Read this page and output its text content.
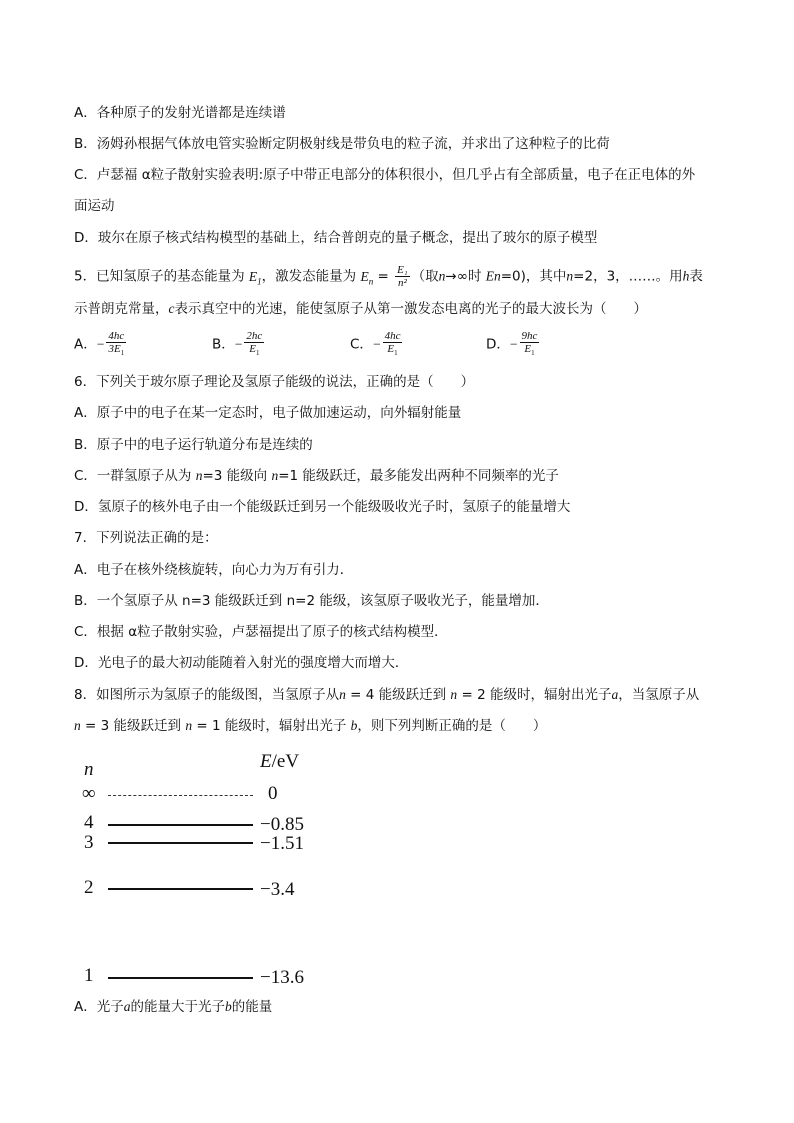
A．各种原子的发射光谱都是连续谱
B．汤姆孙根据气体放电管实验断定阴极射线是带负电的粒子流，并求出了这种粒子的比荷
C．卢瑟福 α粒子散射实验表明:原子中带正电部分的体积很小，但几乎占有全部质量，电子在正电体的外
面运动
D．玻尔在原子核式结构模型的基础上，结合普朗克的量子概念，提出了玻尔的原子模型
5．已知氢原子的基态能量为 $E_1$，激发态能量为 $E_n = \frac{\text{E₁}}{\text{n²}}$ （取n→∞时 En=0)，其中n=2，3，……。用h表
示普朗克常量，c表示真空中的光速，能使氢原子从第一激发态电离的光子的最大波长为（　　）
A．− $\frac{4hc}{3E_1}$	B．− $\frac{2hc}{E_1}$	C．− $\frac{4hc}{E_1}$	D．− $\frac{9hc}{E_1}$
6．下列关于玻尔原子理论及氢原子能级的说法，正确的是（　　）
A．原子中的电子在某一定态时，电子做加速运动，向外辐射能量
B．原子中的电子运行轨道分布是连续的
C．一群氢原子从为 n=3 能级向 n=1 能级跃迁，最多能发出两种不同频率的光子
D．氢原子的核外电子由一个能级跃迁到另一个能级吸收光子时，氢原子的能量增大
7．下列说法正确的是：
A．电子在核外绕核旋转，向心力为万有引力．
B．一个氢原子从 n=3 能级跃迁到 n=2 能级，该氢原子吸收光子，能量增加．
C．根据 α粒子散射实验，卢瑟福提出了原子的核式结构模型．
D．光电子的最大初动能随着入射光的强度增大而增大．
8．如图所示为氢原子的能级图，当氢原子从n = 4 能级跃迁到 n = 2 能级时，辐射出光子a，当氢原子从
n = 3 能级跃迁到 n = 1 能级时，辐射出光子 b，则下列判断正确的是（　　）
n	E/eV
∞	0
4	−0.85
3	−1.51
2	−3.4
1	−13.6
A．光子a的能量大于光子b的能量
